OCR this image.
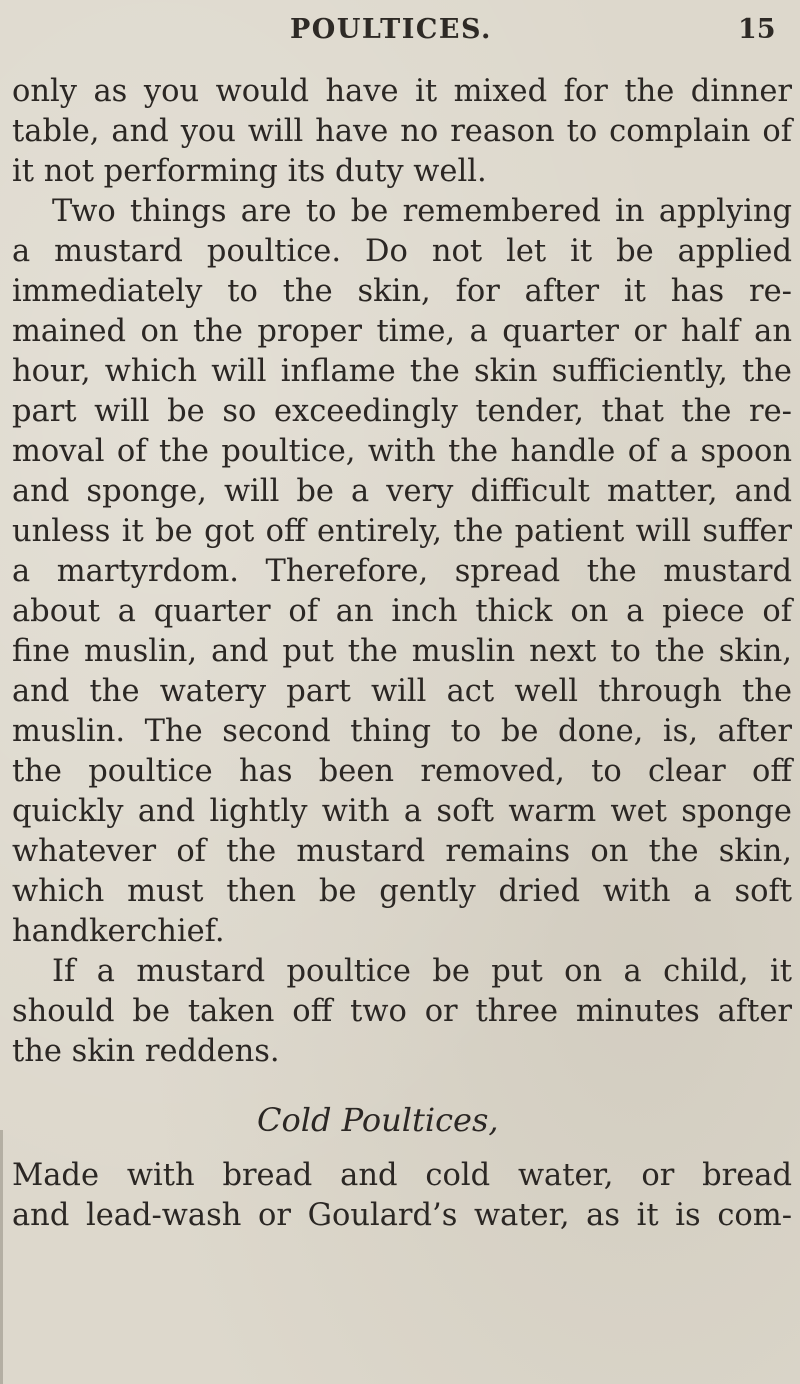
POULTICES.	15
only as you would have it mixed for the dinner
table, and you will have no reason to complain of
it not performing its duty well.
Two things are to be remembered in applying
a mustard poultice. Do not let it be applied
immediately to the skin, for after it has re-
mained on the proper time, a quarter or half an
hour, which will inflame the skin sufficiently, the
part will be so exceedingly tender, that the re-
moval of the poultice, with the handle of a spoon
and sponge, will be a very difficult matter, and
unless it be got off entirely, the patient will suffer
a martyrdom. Therefore, spread the mustard
about a quarter of an inch thick on a piece of
fine muslin, and put the muslin next to the skin,
and the watery part will act well through the
muslin. The second thing to be done, is, after
the poultice has been removed, to clear off
quickly and lightly with a soft warm wet sponge
whatever of the mustard remains on the skin,
which must then be gently dried with a soft
handkerchief.
If a mustard poultice be put on a child, it
should be taken off two or three minutes after
the skin reddens.
Cold Poultices,
Made with bread and cold water, or bread
and lead-wash or Goulard’s water, as it is com-
